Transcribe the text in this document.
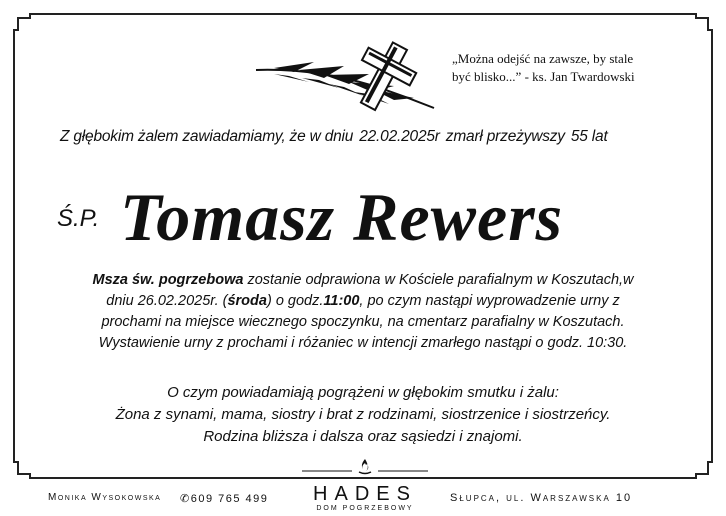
„Można odejść na zawsze, by stale
być blisko...” - ks. Jan Twardowski
Z głębokim żalem zawiadamiamy, że w dniu 22.02.2025r zmarł przeżywszy 55 lat
Ś.P. Tomasz Rewers
Msza św. pogrzebowa zostanie odprawiona w Kościele parafialnym w Koszutach,w
dniu 26.02.2025r. (środa) o godz.11:00, po czym nastąpi wyprowadzenie urny z
prochami na miejsce wiecznego spoczynku, na cmentarz parafialny w Koszutach.
Wystawienie urny z prochami i różaniec w intencji zmarłego nastąpi o godz. 10:30.
O czym powiadamiają pogrążeni w głębokim smutku i żalu:
Żona z synami, mama, siostry i brat z rodzinami, siostrzenice i siostrzeńcy.
Rodzina bliższa i dalsza oraz sąsiedzi i znajomi.
Monika Wysokowska ✆609 765 499	HADES
DOM POGRZEBOWY
Słupca, ul. Warszawska 10
